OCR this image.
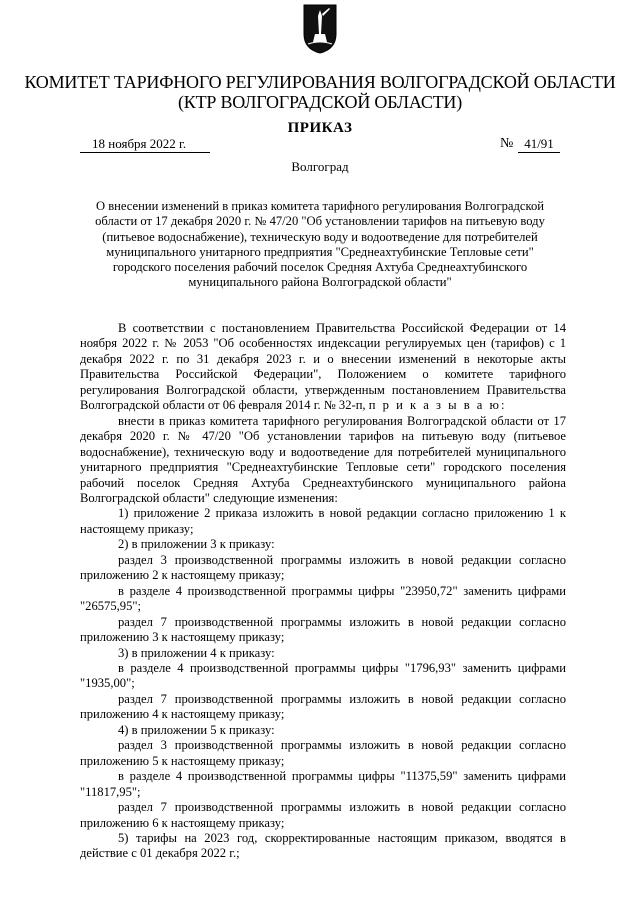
КОМИТЕТ ТАРИФНОГО РЕГУЛИРОВАНИЯ ВОЛГОГРАДСКОЙ ОБЛАСТИ
(КТР ВОЛГОГРАДСКОЙ ОБЛАСТИ)
ПРИКАЗ
18 ноября 2022 г.	№ 41/91
Волгоград
О внесении изменений в приказ комитета тарифного регулирования Волгоградской области от 17 декабря 2020 г. № 47/20 "Об установлении тарифов на питьевую воду (питьевое водоснабжение), техническую воду и водоотведение для потребителей муниципального унитарного предприятия "Среднеахтубинские Тепловые сети" городского поселения рабочий поселок Средняя Ахтуба Среднеахтубинского муниципального района Волгоградской области"

В соответствии с постановлением Правительства Российской Федерации от 14 ноября 2022 г. № 2053 "Об особенностях индексации регулируемых цен (тарифов) с 1 декабря 2022 г. по 31 декабря 2023 г. и о внесении изменений в некоторые акты Правительства Российской Федерации", Положением о комитете тарифного регулирования Волгоградской области, утвержденным постановлением Правительства Волгоградской области от 06 февраля 2014 г. № 32-п, п р и к а з ы в а ю:

внести в приказ комитета тарифного регулирования Волгоградской области от 17 декабря 2020 г. № 47/20 "Об установлении тарифов на питьевую воду (питьевое водоснабжение), техническую воду и водоотведение для потребителей муниципального унитарного предприятия "Среднеахтубинские Тепловые сети" городского поселения рабочий поселок Средняя Ахтуба Среднеахтубинского муниципального района Волгоградской области" следующие изменения:

1) приложение 2 приказа изложить в новой редакции согласно приложению 1 к настоящему приказу;

2) в приложении 3 к приказу:

раздел 3 производственной программы изложить в новой редакции согласно приложению 2 к настоящему приказу;

в разделе 4 производственной программы цифры "23950,72" заменить цифрами "26575,95";

раздел 7 производственной программы изложить в новой редакции согласно приложению 3 к настоящему приказу;

3) в приложении 4 к приказу:

в разделе 4 производственной программы цифры "1796,93" заменить цифрами "1935,00";

раздел 7 производственной программы изложить в новой редакции согласно приложению 4 к настоящему приказу;

4) в приложении 5 к приказу:

раздел 3 производственной программы изложить в новой редакции согласно приложению 5 к настоящему приказу;

в разделе 4 производственной программы цифры "11375,59" заменить цифрами "11817,95";

раздел 7 производственной программы изложить в новой редакции согласно приложению 6 к настоящему приказу;

5) тарифы на 2023 год, скорректированные настоящим приказом, вводятся в действие с 01 декабря 2022 г.;
